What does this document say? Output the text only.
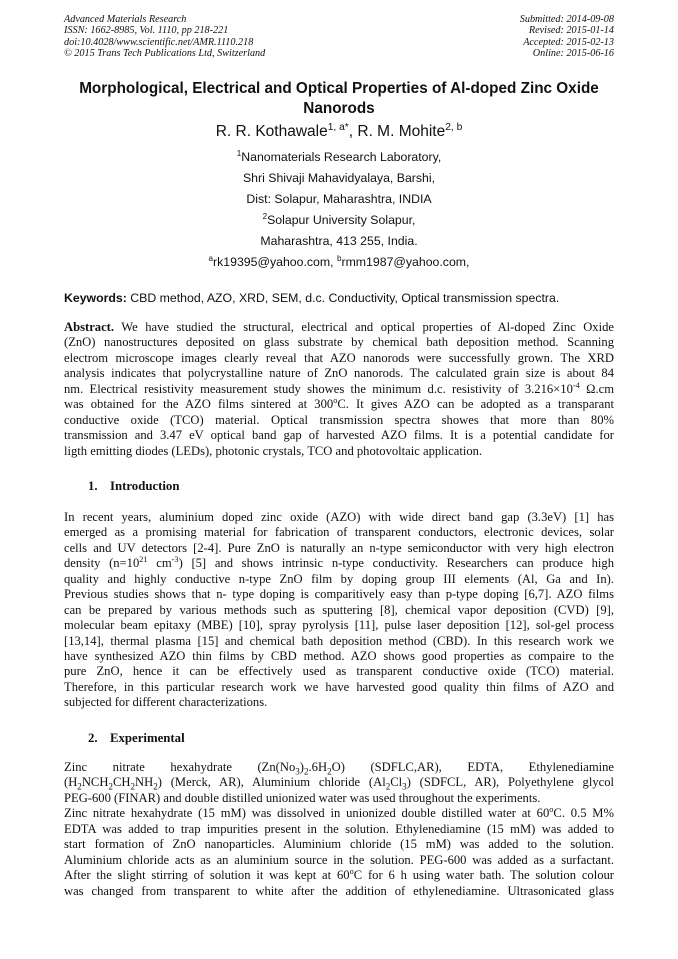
Advanced Materials Research
ISSN: 1662-8985, Vol. 1110, pp 218-221
doi:10.4028/www.scientific.net/AMR.1110.218
© 2015 Trans Tech Publications Ltd, Switzerland
Submitted: 2014-09-08
Revised: 2015-01-14
Accepted: 2015-02-13
Online: 2015-06-16
Morphological, Electrical and Optical Properties of Al-doped Zinc Oxide
Nanorods
R. R. Kothawale$^{1, a*}$, R. M. Mohite$^{2, b}$
$^1$Nanomaterials Research Laboratory,
Shri Shivaji Mahavidyalaya, Barshi,
Dist: Solapur, Maharashtra, INDIA
$^2$Solapur University Solapur,
Maharashtra, 413 255, India.
$^a$rk19395@yahoo.com, $^b$rmm1987@yahoo.com,
Keywords: CBD method, AZO, XRD, SEM, d.c. Conductivity, Optical transmission spectra.
Abstract. We have studied the structural, electrical and optical properties of Al-doped Zinc Oxide
(ZnO) nanostructures deposited on glass substrate by chemical bath deposition method. Scanning
electrom microscope images clearly reveal that AZO nanorods were successfully grown. The XRD
analysis indicates that polycrystalline nature of ZnO nanorods. The calculated grain size is about 84
nm. Electrical resistivity measurement study showes the minimum d.c. resistivity of $3.216\times 10^{-4}$ Ω.cm
was obtained for the AZO films sintered at 300$^o$C. It gives AZO can be adopted as a transparant
conductive oxide (TCO) material. Optical transmission spectra showes that more than 80%
transmission and 3.47 eV optical band gap of harvested AZO films. It is a potential candidate for
ligth emitting diodes (LEDs), photonic crystals, TCO and photovoltaic application.
1. Introduction
In recent years, aluminium doped zinc oxide (AZO) with wide direct band gap (3.3eV) [1] has
emerged as a promising material for fabrication of transparent conductors, electronic devices, solar
cells and UV detectors [2-4]. Pure ZnO is naturally an n-type semiconductor with very high electron
density ($n=10^{21}$ $cm^{-3}$) [5] and shows intrinsic n-type conductivity. Researchers can produce high
quality and highly conductive n-type ZnO film by doping group III elements (Al, Ga and In).
Previous studies shows that n- type doping is comparitively easy than p-type doping [6,7]. AZO films
can be prepared by various methods such as sputtering [8], chemical vapor deposition (CVD) [9],
molecular beam epitaxy (MBE) [10], spray pyrolysis [11], pulse laser deposition [12], sol-gel process
[13,14], thermal plasma [15] and chemical bath deposition method (CBD). In this research work we
have synthesized AZO thin films by CBD method. AZO shows good properties as compaire to the
pure ZnO, hence it can be effectively used as transparent conductive oxide (TCO) material.
Therefore, in this particular research work we have harvested good quality thin films of AZO and
subjected for different characterizations.
2. Experimental
Zinc nitrate hexahydrate $(Zn(No_3)_2.6H_2O)$ (SDFLC,AR), EDTA, Ethylenediamine
$(H_2NCH_2CH_2NH_2)$ (Merck, AR), Aluminium chloride $(Al_2Cl_3)$ (SDFCL, AR), Polyethylene glycol
PEG-600 (FINAR) and double distilled unionized water was used throughout the experiments.
Zinc nitrate hexahydrate (15 mM) was dissolved in unionized double distilled water at 60$^o$C. 0.5 M%
EDTA was added to trap impurities present in the solution. Ethylenediamine (15 mM) was added to
start formation of ZnO nanoparticles. Aluminium chloride (15 mM) was added to the solution.
Aluminium chloride acts as an aluminium source in the solution. PEG-600 was added as a surfactant.
After the slight stirring of solution it was kept at 60$^o$C for 6 h using water bath. The solution colour
was changed from transparent to white after the addition of ethylenediamine. Ultrasonicated glass
